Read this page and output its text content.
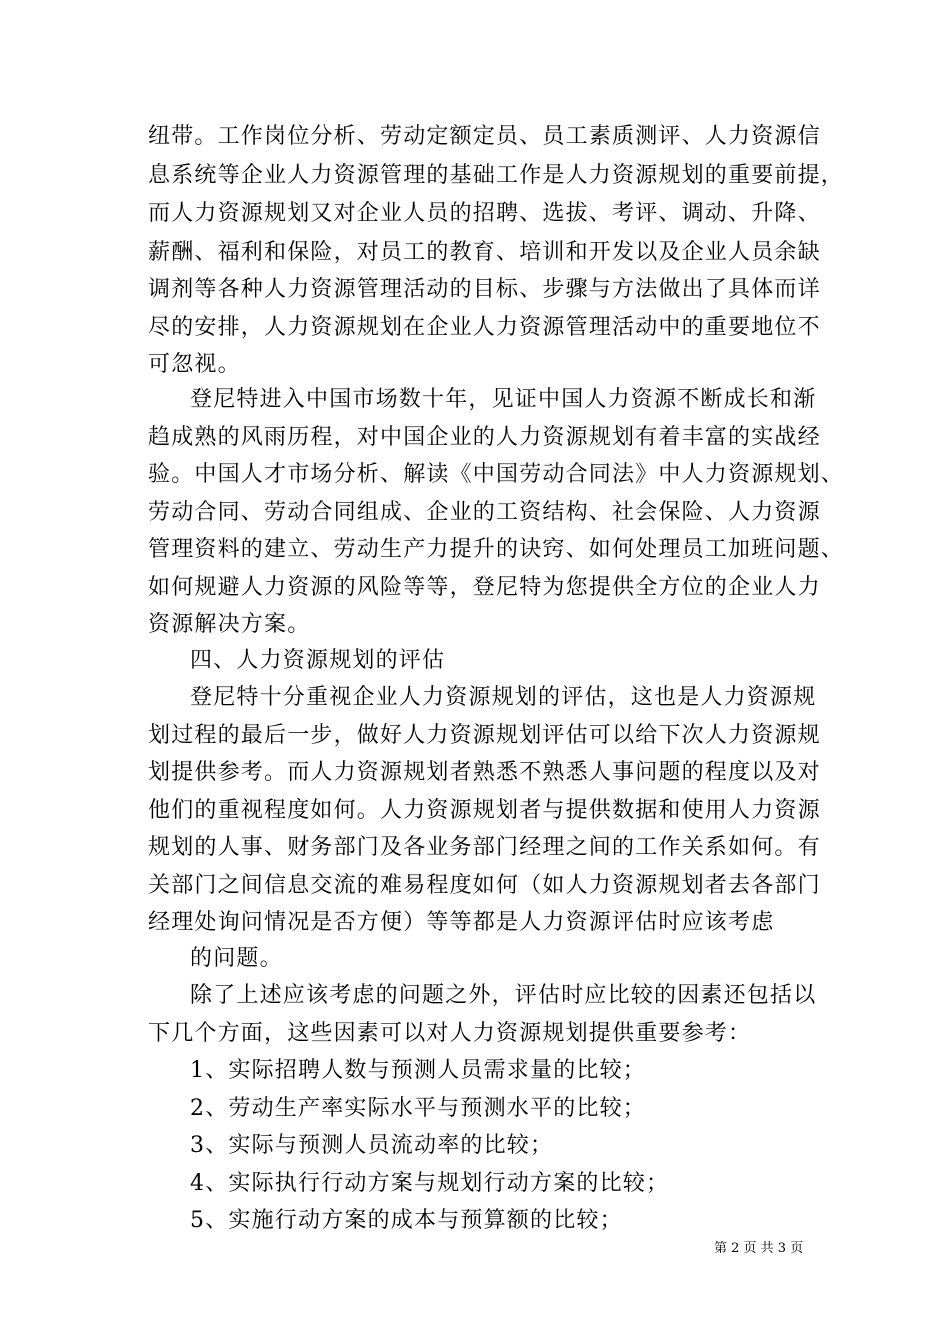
纽带。工作岗位分析、劳动定额定员、员工素质测评、人力资源信
息系统等企业人力资源管理的基础工作是人力资源规划的重要前提，
而人力资源规划又对企业人员的招聘、选拔、考评、调动、升降、
薪酬、福利和保险，对员工的教育、培训和开发以及企业人员余缺
调剂等各种人力资源管理活动的目标、步骤与方法做出了具体而详
尽的安排，人力资源规划在企业人力资源管理活动中的重要地位不
可忽视。
登尼特进入中国市场数十年，见证中国人力资源不断成长和渐
趋成熟的风雨历程，对中国企业的人力资源规划有着丰富的实战经
验。中国人才市场分析、解读《中国劳动合同法》中人力资源规划、
劳动合同、劳动合同组成、企业的工资结构、社会保险、人力资源
管理资料的建立、劳动生产力提升的诀窍、如何处理员工加班问题、
如何规避人力资源的风险等等，登尼特为您提供全方位的企业人力
资源解决方案。
四、人力资源规划的评估
登尼特十分重视企业人力资源规划的评估，这也是人力资源规
划过程的最后一步，做好人力资源规划评估可以给下次人力资源规
划提供参考。而人力资源规划者熟悉不熟悉人事问题的程度以及对
他们的重视程度如何。人力资源规划者与提供数据和使用人力资源
规划的人事、财务部门及各业务部门经理之间的工作关系如何。有
关部门之间信息交流的难易程度如何（如人力资源规划者去各部门
经理处询问情况是否方便）等等都是人力资源评估时应该考虑
的问题。
除了上述应该考虑的问题之外，评估时应比较的因素还包括以
下几个方面，这些因素可以对人力资源规划提供重要参考：
1、实际招聘人数与预测人员需求量的比较；
2、劳动生产率实际水平与预测水平的比较；
3、实际与预测人员流动率的比较；
4、实际执行行动方案与规划行动方案的比较；
5、实施行动方案的成本与预算额的比较；
第 2 页 共 3 页
